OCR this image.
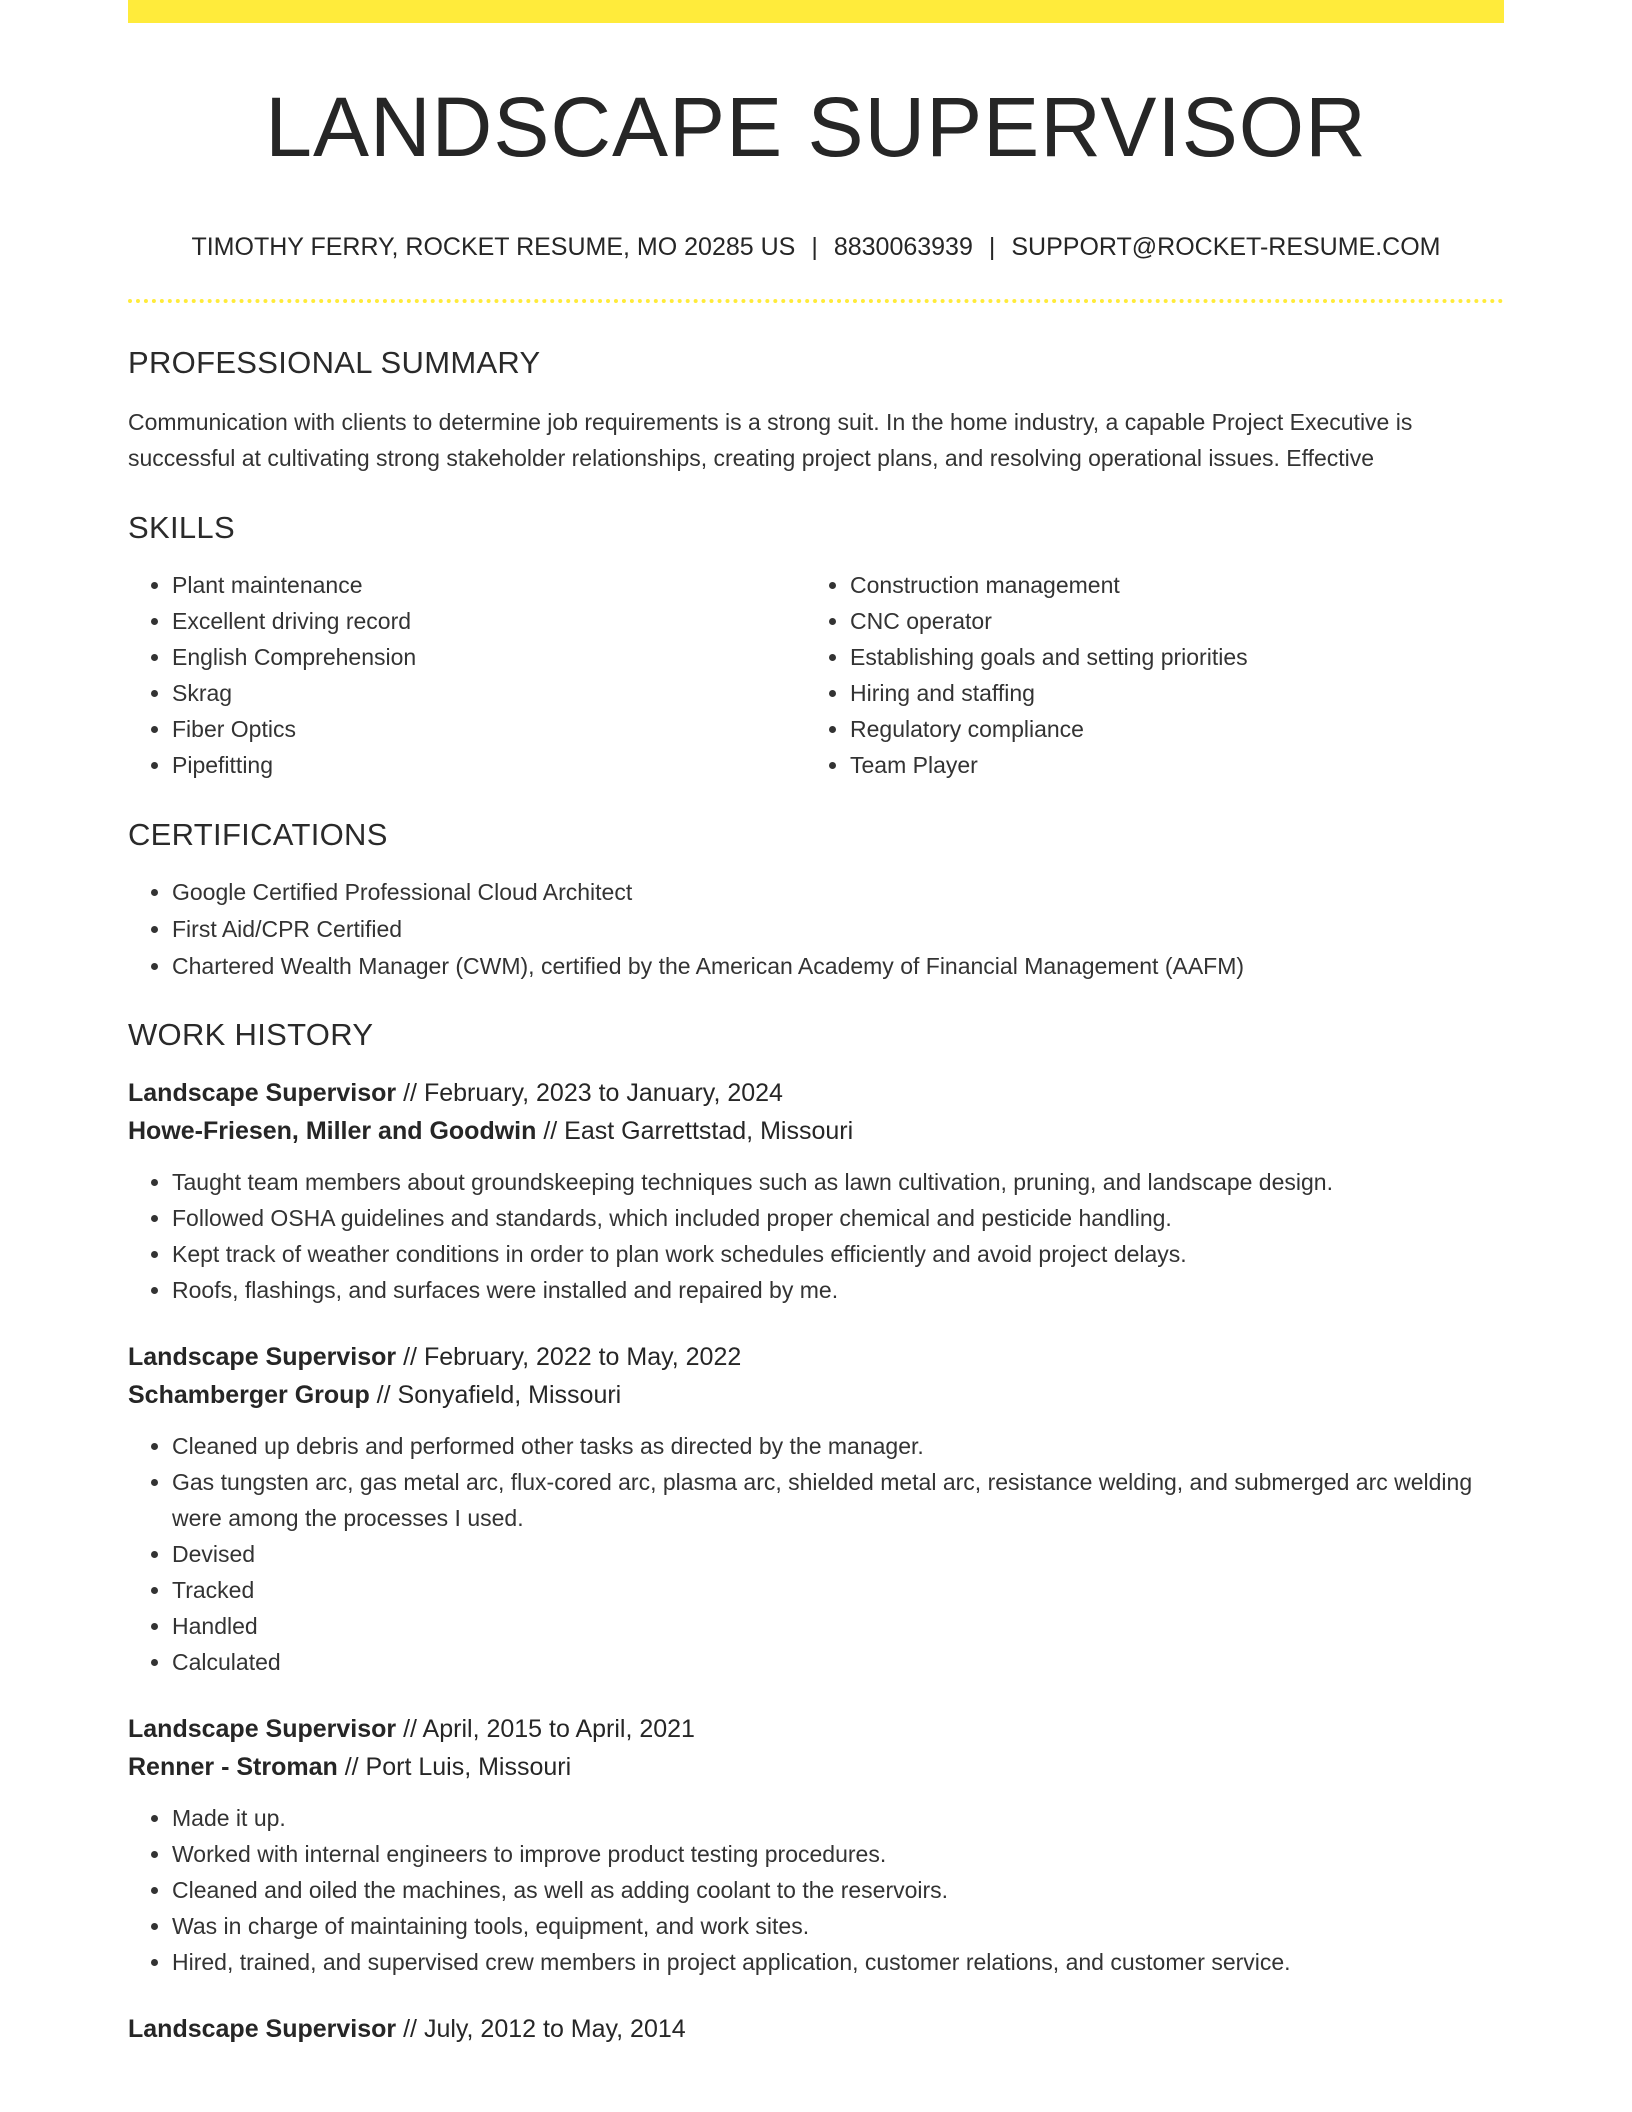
LANDSCAPE SUPERVISOR
TIMOTHY FERRY, ROCKET RESUME, MO 20285 US | 8830063939 | SUPPORT@ROCKET-RESUME.COM
PROFESSIONAL SUMMARY
Communication with clients to determine job requirements is a strong suit. In the home industry, a capable Project Executive is successful at cultivating strong stakeholder relationships, creating project plans, and resolving operational issues. Effective
SKILLS
• Plant maintenance
• Excellent driving record
• English Comprehension
• Skrag
• Fiber Optics
• Pipefitting
• Construction management
• CNC operator
• Establishing goals and setting priorities
• Hiring and staffing
• Regulatory compliance
• Team Player
CERTIFICATIONS
• Google Certified Professional Cloud Architect
• First Aid/CPR Certified
• Chartered Wealth Manager (CWM), certified by the American Academy of Financial Management (AAFM)
WORK HISTORY
Landscape Supervisor // February, 2023 to January, 2024
Howe-Friesen, Miller and Goodwin // East Garrettstad, Missouri
• Taught team members about groundskeeping techniques such as lawn cultivation, pruning, and landscape design.
• Followed OSHA guidelines and standards, which included proper chemical and pesticide handling.
• Kept track of weather conditions in order to plan work schedules efficiently and avoid project delays.
• Roofs, flashings, and surfaces were installed and repaired by me.
Landscape Supervisor // February, 2022 to May, 2022
Schamberger Group // Sonyafield, Missouri
• Cleaned up debris and performed other tasks as directed by the manager.
• Gas tungsten arc, gas metal arc, flux-cored arc, plasma arc, shielded metal arc, resistance welding, and submerged arc welding were among the processes I used.
• Devised
• Tracked
• Handled
• Calculated
Landscape Supervisor // April, 2015 to April, 2021
Renner - Stroman // Port Luis, Missouri
• Made it up.
• Worked with internal engineers to improve product testing procedures.
• Cleaned and oiled the machines, as well as adding coolant to the reservoirs.
• Was in charge of maintaining tools, equipment, and work sites.
• Hired, trained, and supervised crew members in project application, customer relations, and customer service.
Landscape Supervisor // July, 2012 to May, 2014
